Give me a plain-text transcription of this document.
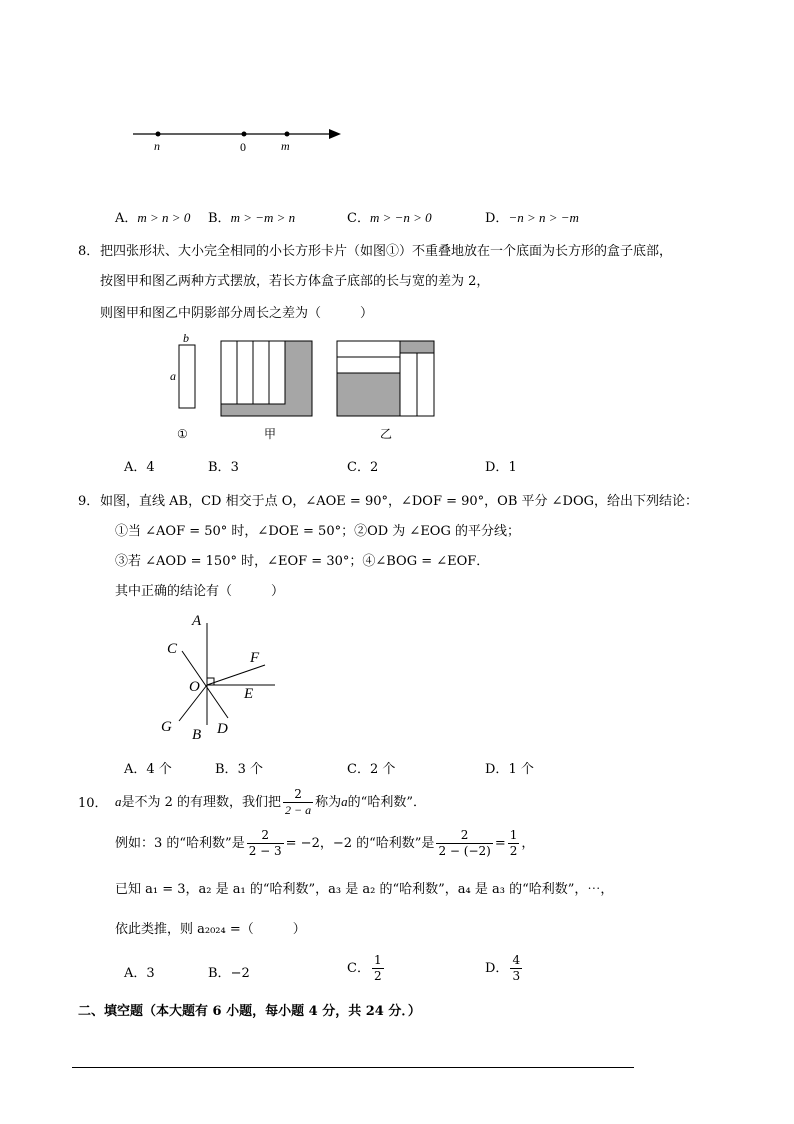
n	0	m
A．m > n > 0 B．m > −m > n	C．m > −n > 0	D．−n > n > −m
8． 把四张形状、大小完全相同的小长方形卡片（如图①）不重叠地放在一个底面为长方形的盒子底部，
按图甲和图乙两种方式摆放，若长方体盒子底部的长与宽的差为 2，
则图甲和图乙中阴影部分周长之差为（　　　）
b
a
①	甲	乙
A．4	B．3	C．2	D．1
9． 如图，直线 AB，CD 相交于点 O，∠AOE = 90°，∠DOF = 90°，OB 平分 ∠DOG，给出下列结论：
①当 ∠AOF = 50° 时，∠DOE = 50°；②OD 为 ∠EOG 的平分线；
③若 ∠AOD = 150° 时，∠EOF = 30°；④∠BOG = ∠EOF．
其中正确的结论有（　　　）
A
C
F
O	E
G	D
B
A．4 个	B．3 个	C．2 个	D．1 个
10． a是不为 2 的有理数，我们把 $\frac{2}{2 - a}$ 称为a的“哈利数”．
例如：3 的“哈利数”是 $\frac{2}{2 - 3} = -2$，−2 的“哈利数”是 $\frac{2}{2 - (-2)} = \frac{1}{2}$ ，
已知 a₁ = 3，a₂ 是 a₁ 的“哈利数”，a₃ 是 a₂ 的“哈利数”，a₄ 是 a₃ 的“哈利数”，⋯，
依此类推，则 a₂₀₂₄ =（　　　）
A．3	B．−2	C． $\frac{1}{2}$	D． $\frac{4}{3}$
二、填空题（本大题有 6 小题，每小题 4 分，共 24 分．）
